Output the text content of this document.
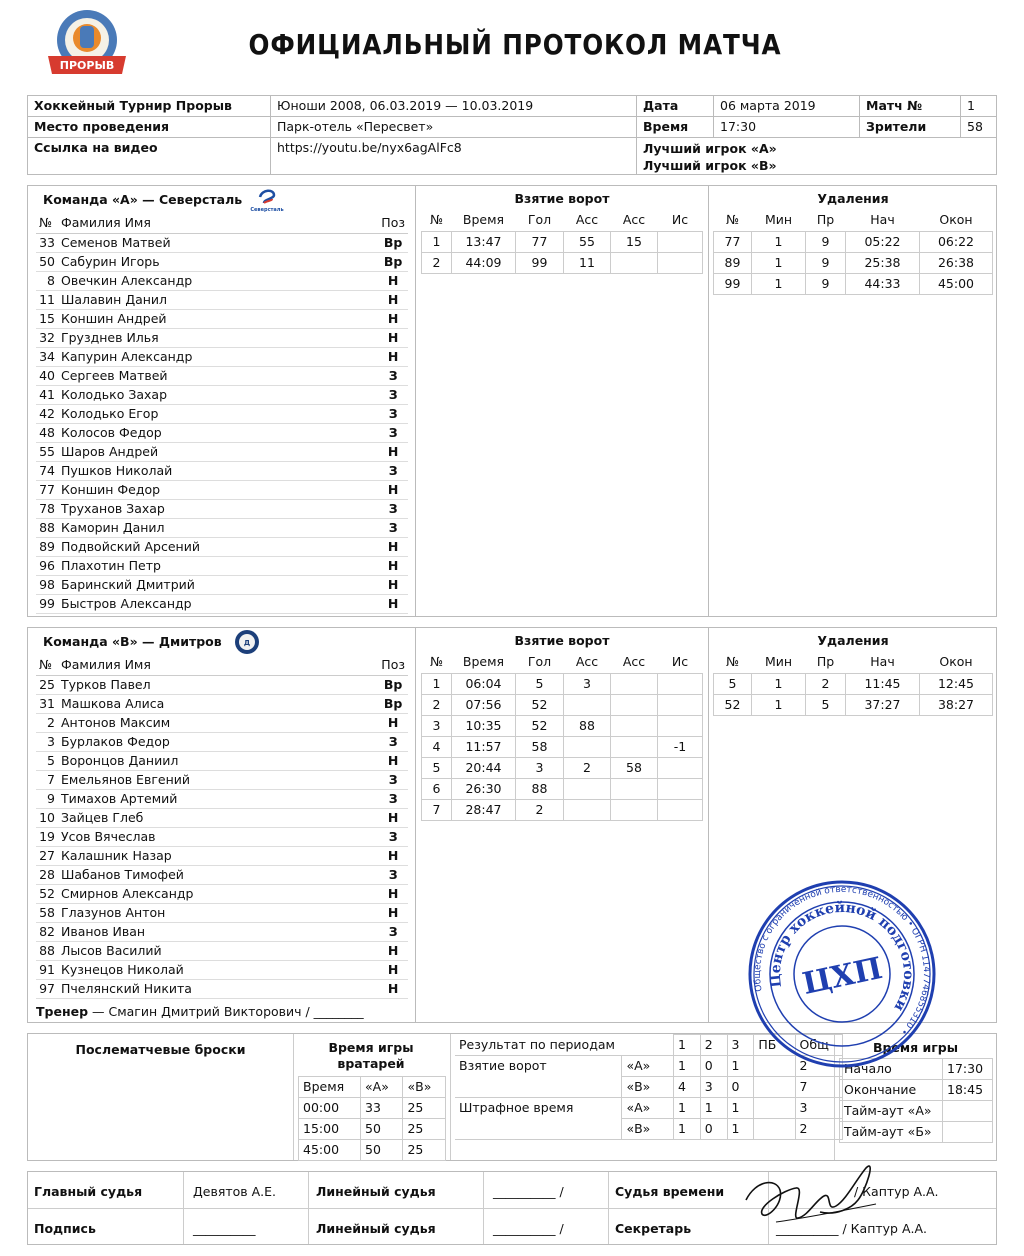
ПРОРЫВ
ОФИЦИАЛЬНЫЙ ПРОТОКОЛ МАТЧА
Хоккейный Турнир Прорыв	Юноши 2008, 06.03.2019 — 10.03.2019	Дата	06 марта 2019	Матч №	1
Место проведения	Парк-отель «Пересвет»	Время	17:30	Зрители	58
Ссылка на видео	https://youtu.be/nyx6agAlFc8	Лучший игрок «А»
Лучший игрок «В»			
Команда «А» — Северсталь
Северсталь
№	Фамилия Имя	Поз
33	Семенов Матвей	Вр
50	Сабурин Игорь	Вр
8	Овечкин Александр	Н
11	Шалавин Данил	Н
15	Коншин Андрей	Н
32	Грузднев Илья	Н
34	Капурин Александр	Н
40	Сергеев Матвей	З
41	Колодько Захар	З
42	Колодько Егор	З
48	Колосов Федор	З
55	Шаров Андрей	Н
74	Пушков Николай	З
77	Коншин Федор	Н
78	Труханов Захар	З
88	Каморин Данил	З
89	Подвойский Арсений	Н
96	Плахотин Петр	Н
98	Баринский Дмитрий	Н
99	Быстров Александр	Н
Взятие ворот
№	Время	Гол	Асс	Асс	Ис
1	13:47	77	55	15	
2	44:09	99	11		
Удаления
№	Мин	Пр	Нач	Окон
77	1	9	05:22	06:22
89	1	9	25:38	26:38
99	1	9	44:33	45:00
Команда «В» — Дмитров	Д
№	Фамилия Имя	Поз
25	Турков Павел	Вр
31	Машкова Алиса	Вр
2	Антонов Максим	Н
3	Бурлаков Федор	З
5	Воронцов Даниил	Н
7	Емельянов Евгений	З
9	Тимахов Артемий	З
10	Зайцев Глеб	Н
19	Усов Вячеслав	З
27	Калашник Назар	Н
28	Шабанов Тимофей	З
52	Смирнов Александр	Н
58	Глазунов Антон	Н
82	Иванов Иван	З
88	Лысов Василий	Н
91	Кузнецов Николай	Н
97	Пчелянский Никита	Н
Тренер — Смагин Дмитрий Викторович / ________
Взятие ворот
№	Время	Гол	Асс	Асс	Ис
1	06:04	5	3		
2	07:56	52			
3	10:35	52	88		
4	11:57	58			-1
5	20:44	3	2	58	
6	26:30	88			
7	28:47	2			
Удаления
№	Мин	Пр	Нач	Окон
5	1	2	11:45	12:45
52	1	5	37:27	38:27
Послематчевые броски	Время игры вратарей
Время	«А»	«В»
00:00	33	25
15:00	50	25
45:00	50	25
Результат по периодам		1	2	3	ПБ	Общ
Взятие ворот	«А»	1	0	1		2
	«В»	4	3	0		7
Штрафное время	«А»	1	1	1		3
	«В»	1	0	1		2
Время игры
Начало	17:30
Окончание	18:45
Тайм-аут «А»	
Тайм-аут «Б»	
Главный судья	Девятов А.Е.	Линейный судья	__________ /	Судья времени	/ Каптур А.А.
Подпись	__________	Линейный судья	__________ /	Секретарь	__________ / Каптур А.А.
Общество с ограниченной ответственностью • ОГРН 1147746855310 •
Центр хоккейной подготовки
ЦХП
